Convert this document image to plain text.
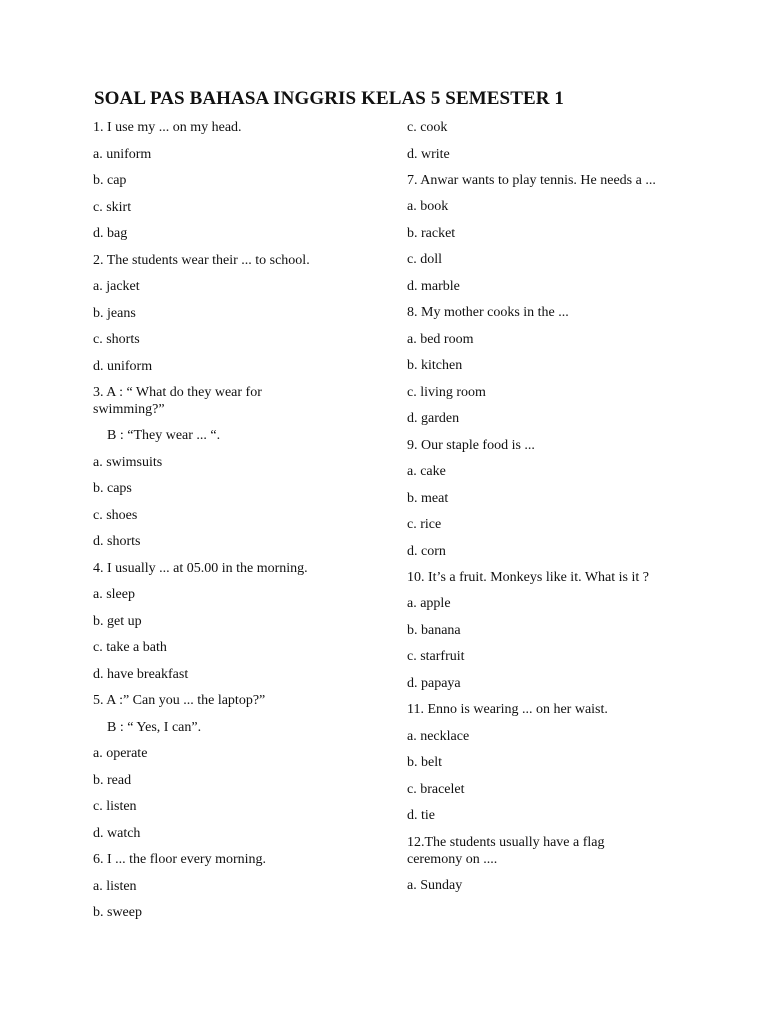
SOAL PAS BAHASA INGGRIS KELAS 5 SEMESTER 1
1. I use my ... on my head.
a. uniform
b. cap
c. skirt
d. bag
2. The students wear their ... to school.
a. jacket
b. jeans
c. shorts
d. uniform
3. A : “ What do they wear for swimming?”
B : “They wear ... “.
a. swimsuits
b. caps
c. shoes
d. shorts
4. I usually ... at 05.00 in the morning.
a. sleep
b. get up
c. take a bath
d. have breakfast
5. A :” Can you ... the laptop?”
B : “ Yes, I can”.
a. operate
b. read
c. listen
d. watch
6. I ... the floor every morning.
a. listen
b. sweep
c. cook
d. write
7. Anwar wants to play tennis. He needs a ...
a. book
b. racket
c. doll
d. marble
8. My mother cooks in the ...
a. bed room
b. kitchen
c. living room
d. garden
9. Our staple food is ...
a. cake
b. meat
c. rice
d. corn
10. It’s a fruit. Monkeys like it. What is it ?
a. apple
b. banana
c. starfruit
d. papaya
11. Enno is wearing ... on her waist.
a. necklace
b. belt
c. bracelet
d. tie
12.The students usually have a flag ceremony on ....
a. Sunday
